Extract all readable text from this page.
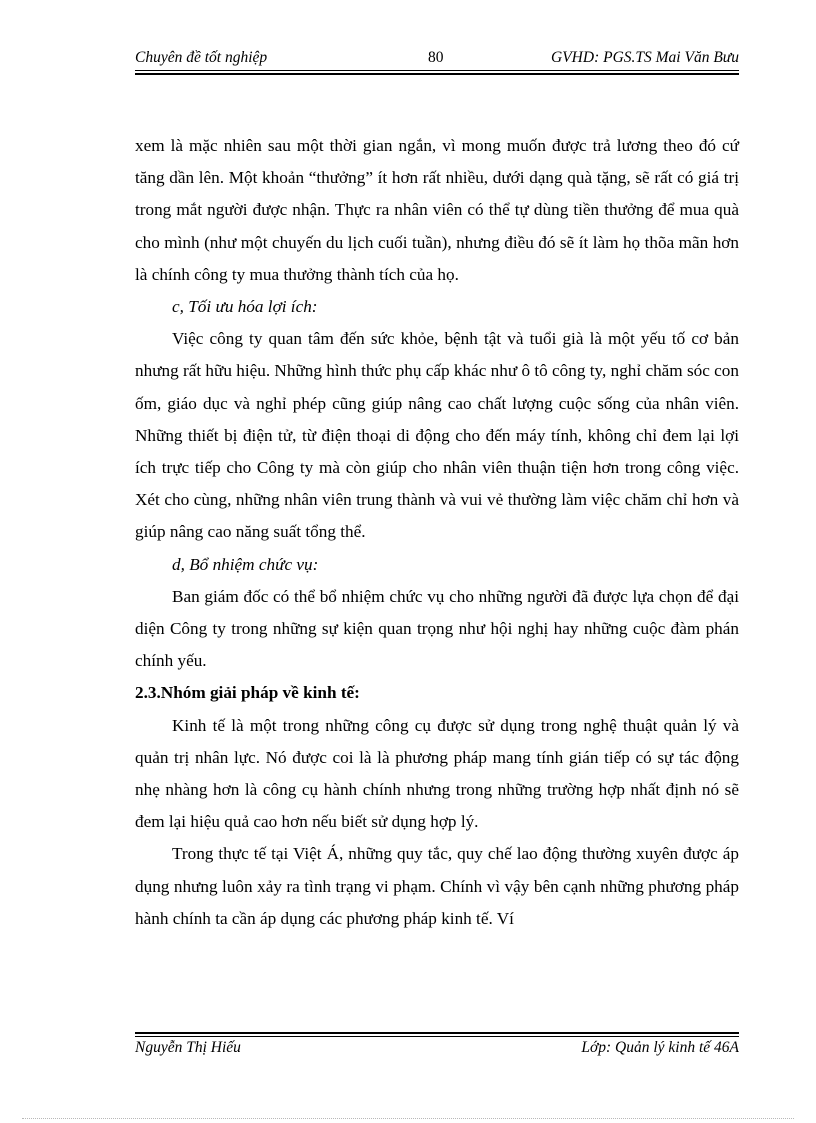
Chuyên đề tốt nghiệp	80	GVHD: PGS.TS Mai Văn Bưu

xem là mặc nhiên sau một thời gian ngắn, vì mong muốn được trả lương theo đó cứ tăng dần lên. Một khoản “thưởng” ít hơn rất nhiều, dưới dạng quà tặng, sẽ rất có giá trị trong mắt người được nhận. Thực ra nhân viên có thể tự dùng tiền thưởng để mua quà cho mình (như một chuyến du lịch cuối tuần), nhưng điều đó sẽ ít làm họ thõa mãn hơn là chính công ty mua thưởng thành tích của họ.

c, Tối ưu hóa lợi ích:

Việc công ty quan tâm đến sức khỏe, bệnh tật và tuổi già là một yếu tố cơ bản nhưng rất hữu hiệu. Những hình thức phụ cấp khác như ô tô công ty, nghỉ chăm sóc con ốm, giáo dục và nghỉ phép cũng giúp nâng cao chất lượng cuộc sống của nhân viên. Những thiết bị điện tử, từ điện thoại di động cho đến máy tính, không chỉ đem lại lợi ích trực tiếp cho Công ty mà còn giúp cho nhân viên thuận tiện hơn trong công việc. Xét cho cùng, những nhân viên trung thành và vui vẻ thường làm việc chăm chỉ hơn và giúp nâng cao năng suất tổng thể.

d, Bổ nhiệm chức vụ:

Ban giám đốc có thể bổ nhiệm chức vụ cho những người đã được lựa chọn để đại diện Công ty trong những sự kiện quan trọng như hội nghị hay những cuộc đàm phán chính yếu.

2.3.Nhóm giải pháp về kinh tế:

Kinh tế là một trong những công cụ được sử dụng trong nghệ thuật quản lý và quản trị nhân lực. Nó được coi là là phương pháp mang tính gián tiếp có sự tác động nhẹ nhàng hơn là công cụ hành chính nhưng trong những trường hợp nhất định nó sẽ đem lại hiệu quả cao hơn nếu biết sử dụng hợp lý.

Trong thực tế tại Việt Á, những quy tắc, quy chế lao động thường xuyên được áp dụng nhưng luôn xảy ra tình trạng vi phạm. Chính vì vậy bên cạnh những phương pháp hành chính ta cần áp dụng các phương pháp kinh tế. Ví

Nguyễn Thị Hiếu	Lớp: Quản lý kinh tế 46A
